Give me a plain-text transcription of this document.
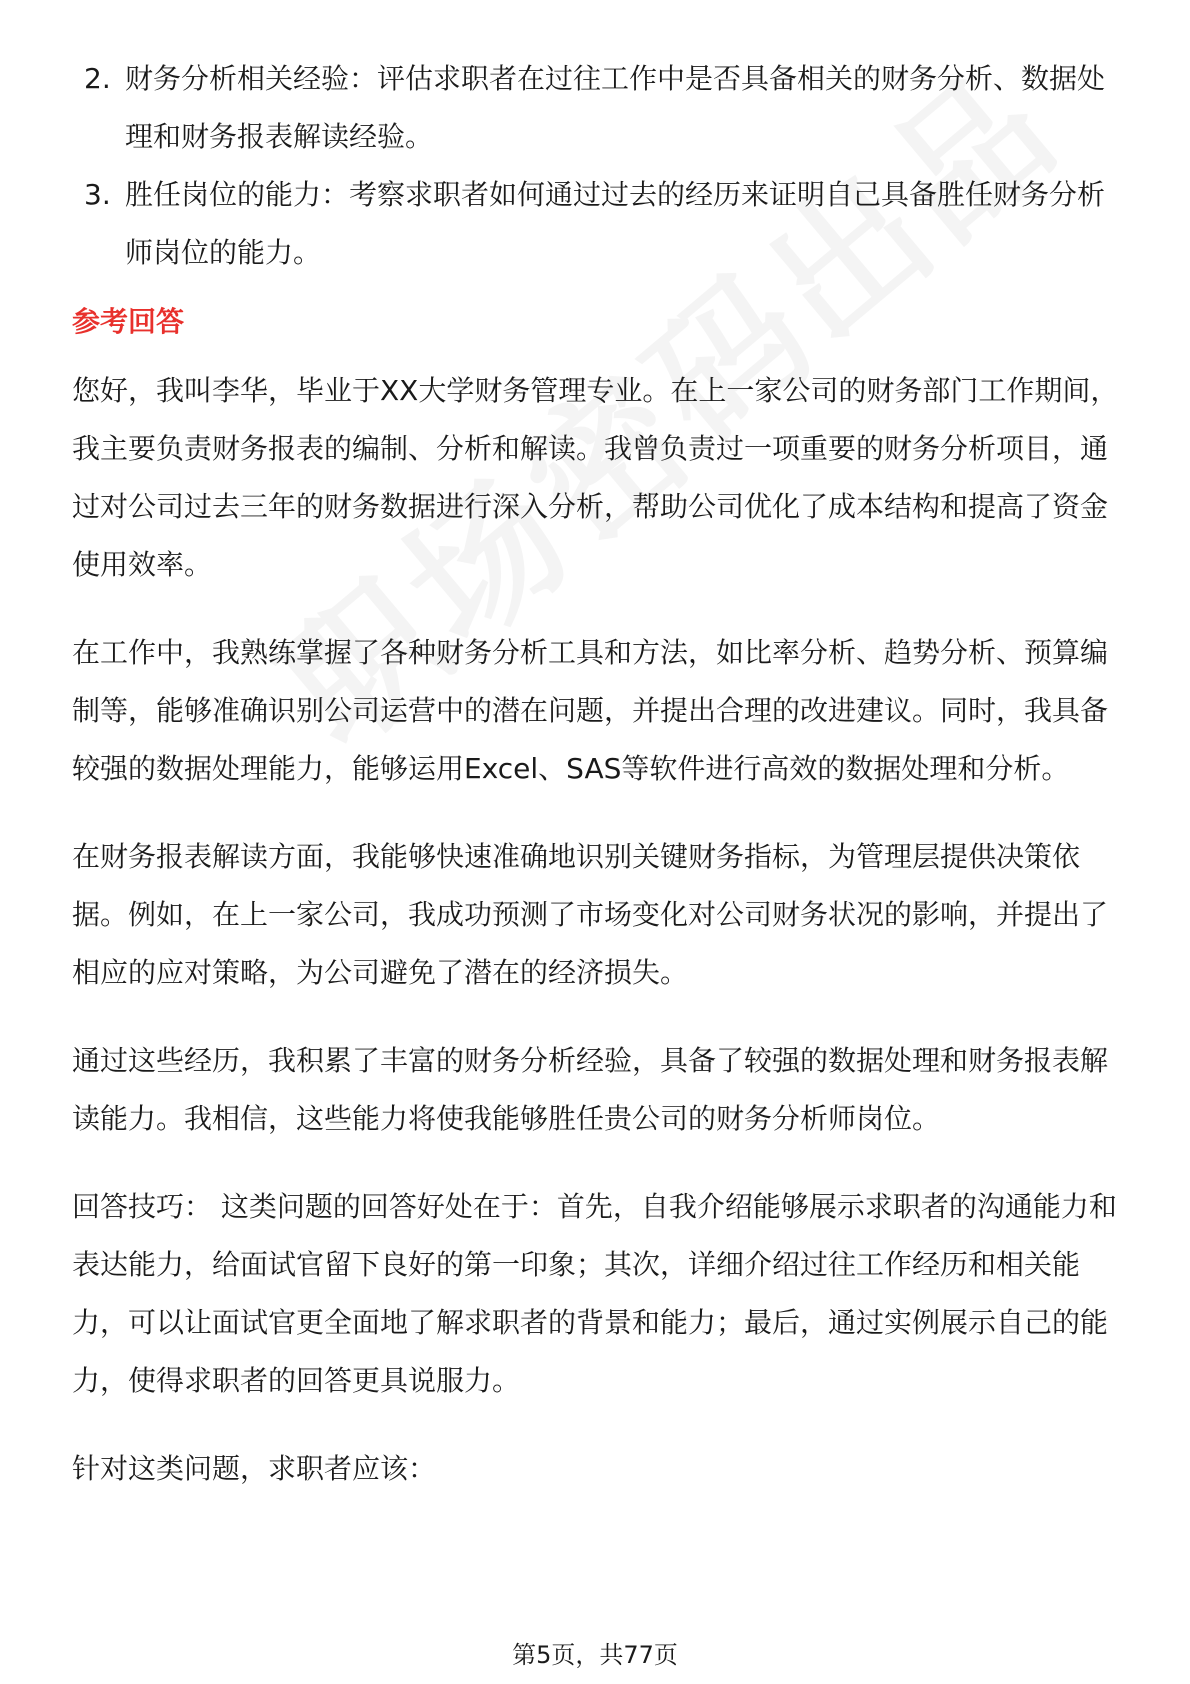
2. 财务分析相关经验：评估求职者在过往工作中是否具备相关的财务分析、数据处理和财务报表解读经验。
3. 胜任岗位的能力：考察求职者如何通过过去的经历来证明自己具备胜任财务分析师岗位的能力。
参考回答

您好，我叫李华，毕业于XX大学财务管理专业。在上一家公司的财务部门工作期间，我主要负责财务报表的编制、分析和解读。我曾负责过一项重要的财务分析项目，通过对公司过去三年的财务数据进行深入分析，帮助公司优化了成本结构和提高了资金使用效率。

在工作中，我熟练掌握了各种财务分析工具和方法，如比率分析、趋势分析、预算编制等，能够准确识别公司运营中的潜在问题，并提出合理的改进建议。同时，我具备较强的数据处理能力，能够运用Excel、SAS等软件进行高效的数据处理和分析。

在财务报表解读方面，我能够快速准确地识别关键财务指标，为管理层提供决策依据。例如，在上一家公司，我成功预测了市场变化对公司财务状况的影响，并提出了相应的应对策略，为公司避免了潜在的经济损失。

通过这些经历，我积累了丰富的财务分析经验，具备了较强的数据处理和财务报表解读能力。我相信，这些能力将使我能够胜任贵公司的财务分析师岗位。

回答技巧： 这类问题的回答好处在于：首先，自我介绍能够展示求职者的沟通能力和表达能力，给面试官留下良好的第一印象；其次，详细介绍过往工作经历和相关能力，可以让面试官更全面地了解求职者的背景和能力；最后，通过实例展示自己的能力，使得求职者的回答更具说服力。

针对这类问题，求职者应该：

第5页，共77页
